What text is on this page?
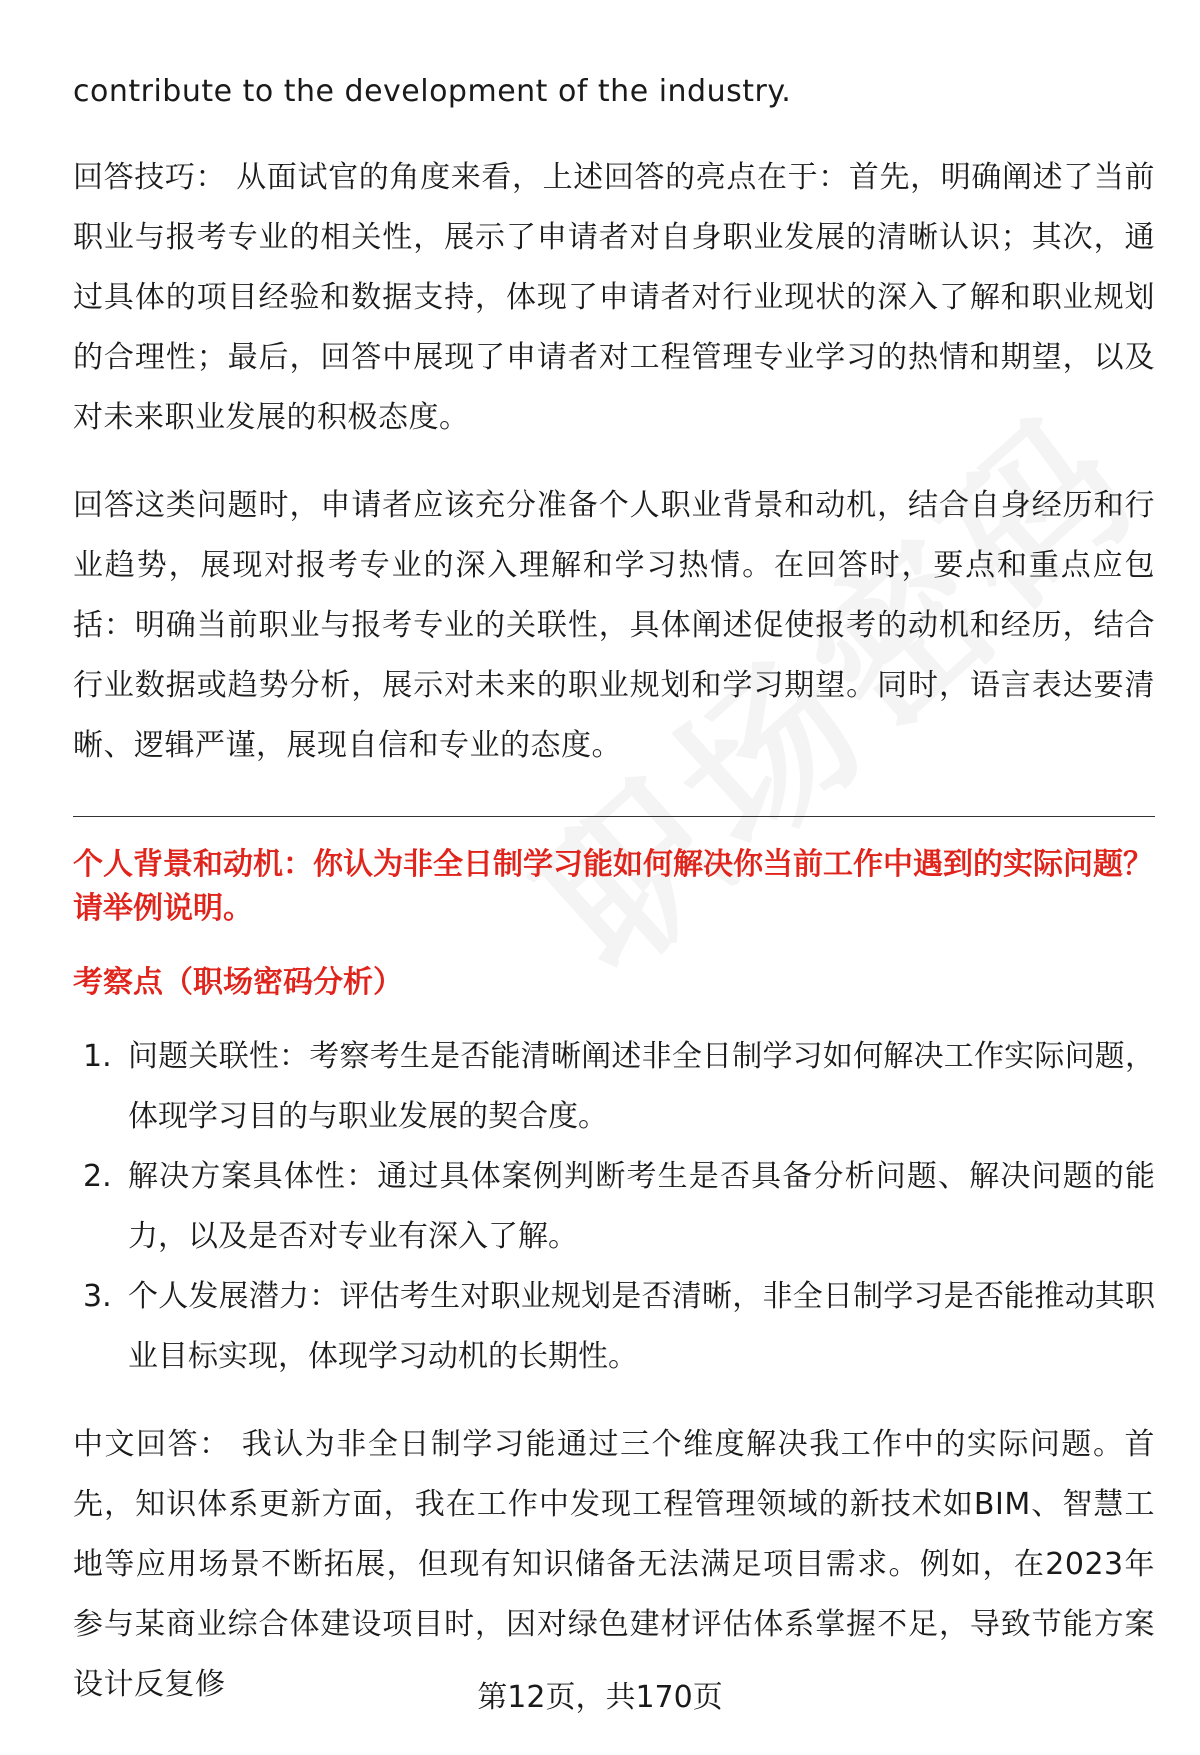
contribute to the development of the industry.

回答技巧： 从面试官的角度来看，上述回答的亮点在于：首先，明确阐述了当前职业与报考专业的相关性，展示了申请者对自身职业发展的清晰认识；其次，通过具体的项目经验和数据支持，体现了申请者对行业现状的深入了解和职业规划的合理性；最后，回答中展现了申请者对工程管理专业学习的热情和期望，以及对未来职业发展的积极态度。

回答这类问题时，申请者应该充分准备个人职业背景和动机，结合自身经历和行业趋势，展现对报考专业的深入理解和学习热情。在回答时，要点和重点应包括：明确当前职业与报考专业的关联性，具体阐述促使报考的动机和经历，结合行业数据或趋势分析，展示对未来的职业规划和学习期望。同时，语言表达要清晰、逻辑严谨，展现自信和专业的态度。

个人背景和动机：你认为非全日制学习能如何解决你当前工作中遇到的实际问题？请举例说明。

考察点（职场密码分析）

1. 问题关联性：考察考生是否能清晰阐述非全日制学习如何解决工作实际问题，体现学习目的与职业发展的契合度。
2. 解决方案具体性：通过具体案例判断考生是否具备分析问题、解决问题的能力，以及是否对专业有深入了解。
3. 个人发展潜力：评估考生对职业规划是否清晰，非全日制学习是否能推动其职业目标实现，体现学习动机的长期性。

中文回答： 我认为非全日制学习能通过三个维度解决我工作中的实际问题。首先，知识体系更新方面，我在工作中发现工程管理领域的新技术如BIM、智慧工地等应用场景不断拓展，但现有知识储备无法满足项目需求。例如，在2023年参与某商业综合体建设项目时，因对绿色建材评估体系掌握不足，导致节能方案设计反复修	第12页，共170页
